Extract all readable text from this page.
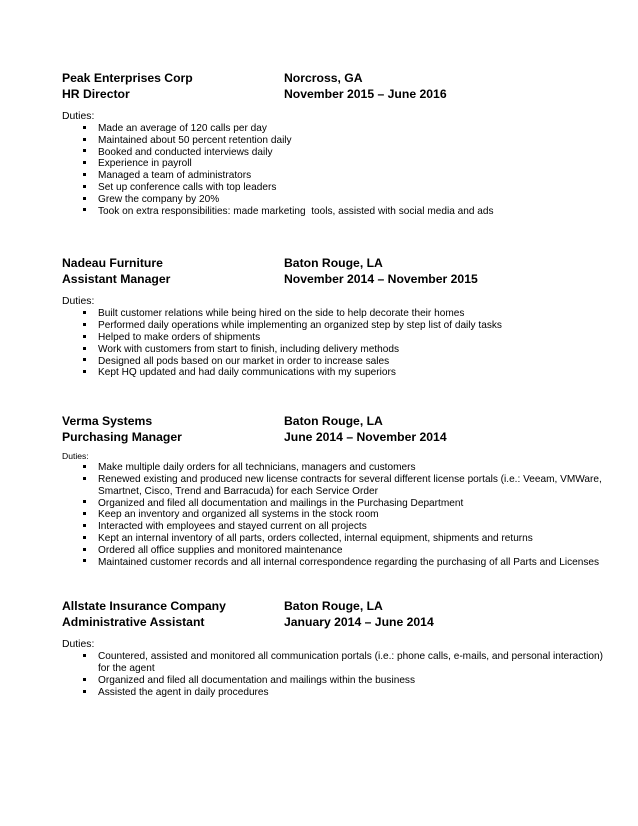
Peak Enterprises Corp	Norcross, GA
HR Director	November 2015 – June 2016
Duties:
Made an average of 120 calls per day
Maintained about 50 percent retention daily
Booked and conducted interviews daily
Experience in payroll
Managed a team of administrators
Set up conference calls with top leaders
Grew the company by 20%
Took on extra responsibilities: made marketing  tools, assisted with social media and ads
Nadeau Furniture	Baton Rouge, LA
Assistant Manager	November 2014 – November 2015
Duties:
Built customer relations while being hired on the side to help decorate their homes
Performed daily operations while implementing an organized step by step list of daily tasks
Helped to make orders of shipments
Work with customers from start to finish, including delivery methods
Designed all pods based on our market in order to increase sales
Kept HQ updated and had daily communications with my superiors
Verma Systems	Baton Rouge, LA
Purchasing Manager	June 2014 – November 2014
Duties:
Make multiple daily orders for all technicians, managers and customers
Renewed existing and produced new license contracts for several different license portals (i.e.: Veeam, VMWare, Smartnet, Cisco, Trend and Barracuda) for each Service Order
Organized and filed all documentation and mailings in the Purchasing Department
Keep an inventory and organized all systems in the stock room
Interacted with employees and stayed current on all projects
Kept an internal inventory of all parts, orders collected, internal equipment, shipments and returns
Ordered all office supplies and monitored maintenance
Maintained customer records and all internal correspondence regarding the purchasing of all Parts and Licenses
Allstate Insurance Company	Baton Rouge, LA
Administrative Assistant	January 2014 – June 2014
Duties:
Countered, assisted and monitored all communication portals (i.e.: phone calls, e-mails, and personal interaction) for the agent
Organized and filed all documentation and mailings within the business
Assisted the agent in daily procedures
